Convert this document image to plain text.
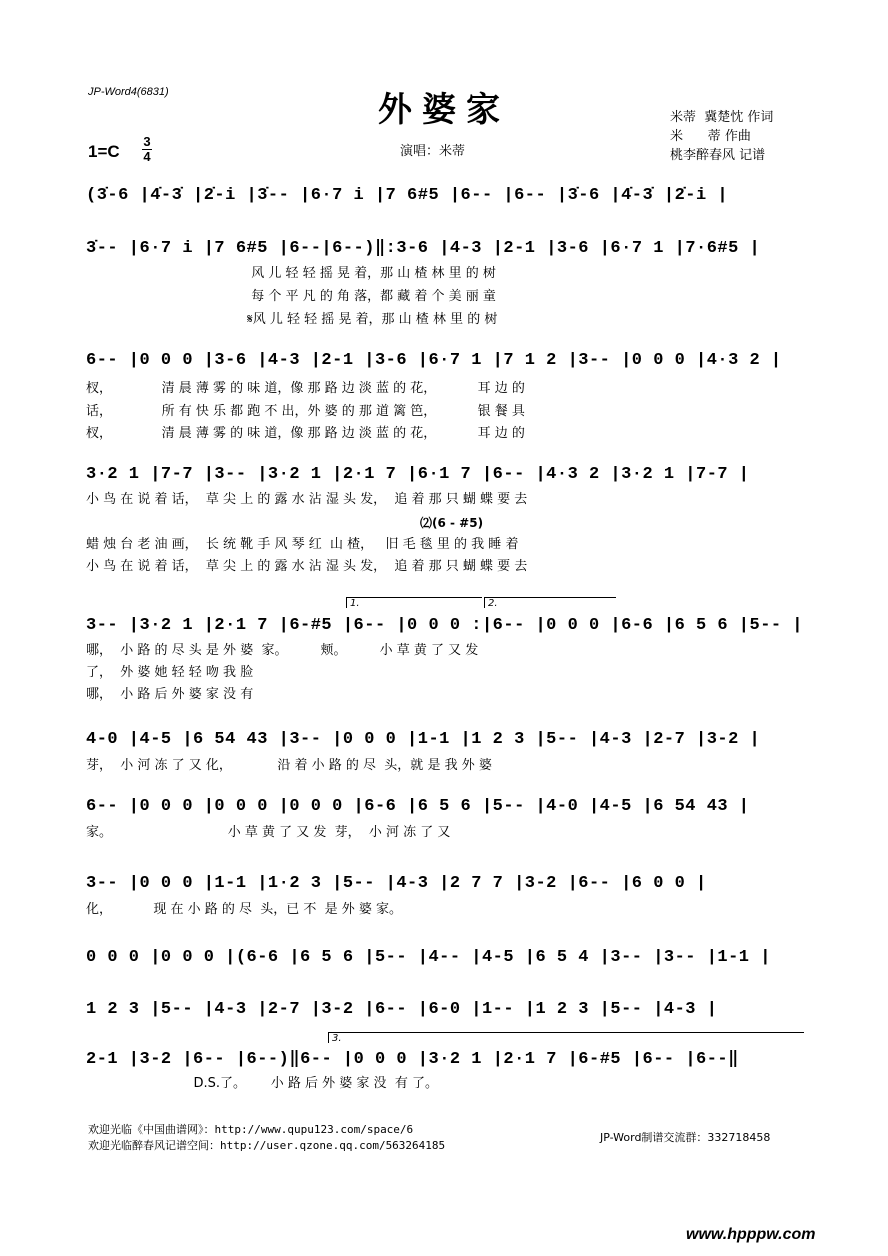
JP-Word4(6831)	外婆家	米蒂  冀楚忱 作词
米      蒂 作曲
桃李醉春风 记谱
1=C
3
4	演唱：米蒂
(3̇-6 |4̇-3̇ |2̇-i |3̇-- |6·7 i |7 6#5 |6-- |6-- |3̇-6 |4̇-3̇ |2̇-i |
3̇-- |6·7 i |7 6#5 |6--|6--)‖:3-6 |4-3 |2-1 |3-6 |6·7 1 |7·6#5 |
风 儿 轻 轻 摇 晃 着，那 山 楂 林 里 的 树
每 个 平 凡 的 角 落，都 藏 着 个 美 丽 童
𝄋风 儿 轻 轻 摇 晃 着，那 山 楂 林 里 的 树
6-- |0 0 0 |3-6 |4-3 |2-1 |3-6 |6·7 1 |7 1 2 |3-- |0 0 0 |4·3 2 |
杈，            清 晨 薄 雾 的 味 道，像 那 路 边 淡 蓝 的 花，          耳 边 的
话，            所 有 快 乐 都 跑 不 出，外 婆 的 那 道 篱 笆，          银 餐 具
杈，            清 晨 薄 雾 的 味 道，像 那 路 边 淡 蓝 的 花，          耳 边 的
3·2 1 |7-7 |3-- |3·2 1 |2·1 7 |6·1 7 |6-- |4·3 2 |3·2 1 |7-7 |
小 鸟 在 说 着 话，  草 尖 上 的 露 水 沾 湿 头 发，  追 着 那 只 蝴 蝶 要 去
⑵(6 - #5)
蜡 烛 台 老 油 画，  长 统 靴 手 风 琴 红  山 楂，   旧 毛 毯 里 的 我 睡 着
小 鸟 在 说 着 话，  草 尖 上 的 露 水 沾 湿 头 发，  追 着 那 只 蝴 蝶 要 去
1.	2.
3-- |3·2 1 |2·1 7 |6-#5 |6-- |0 0 0 :|6-- |0 0 0 |6-6 |6 5 6 |5-- |
哪，  小 路 的 尽 头 是 外 婆  家。        颊。        小 草 黄 了 又 发
了，  外 婆 她 轻 轻 吻 我 脸
哪，  小 路 后 外 婆 家 没 有
4-0 |4-5 |6 54 43 |3-- |0 0 0 |1-1 |1 2 3 |5-- |4-3 |2-7 |3-2 |
芽，  小 河 冻 了 又 化，           沿 着 小 路 的 尽  头，就 是 我 外 婆
6-- |0 0 0 |0 0 0 |0 0 0 |6-6 |6 5 6 |5-- |4-0 |4-5 |6 54 43 |
家。                            小 草 黄 了 又 发  芽，  小 河 冻 了 又
3-- |0 0 0 |1-1 |1·2 3 |5-- |4-3 |2 7 7 |3-2 |6-- |6 0 0 |
化，          现 在 小 路 的 尽  头，已 不  是 外 婆 家。
0 0 0 |0 0 0 |(6-6 |6 5 6 |5-- |4-- |4-5 |6 5 4 |3-- |3-- |1-1 |
1 2 3 |5-- |4-3 |2-7 |3-2 |6-- |6-0 |1-- |1 2 3 |5-- |4-3 |
3.
2-1 |3-2 |6-- |6--)‖6-- |0 0 0 |3·2 1 |2·1 7 |6-#5 |6-- |6--‖
D.S.了。      小 路 后 外 婆 家 没  有 了。
欢迎光临《中国曲谱网》：http://www.qupu123.com/space/6
欢迎光临醉春风记谱空间：http://user.qzone.qq.com/563264185
JP-Word制谱交流群：332718458
www.hpppw.com
